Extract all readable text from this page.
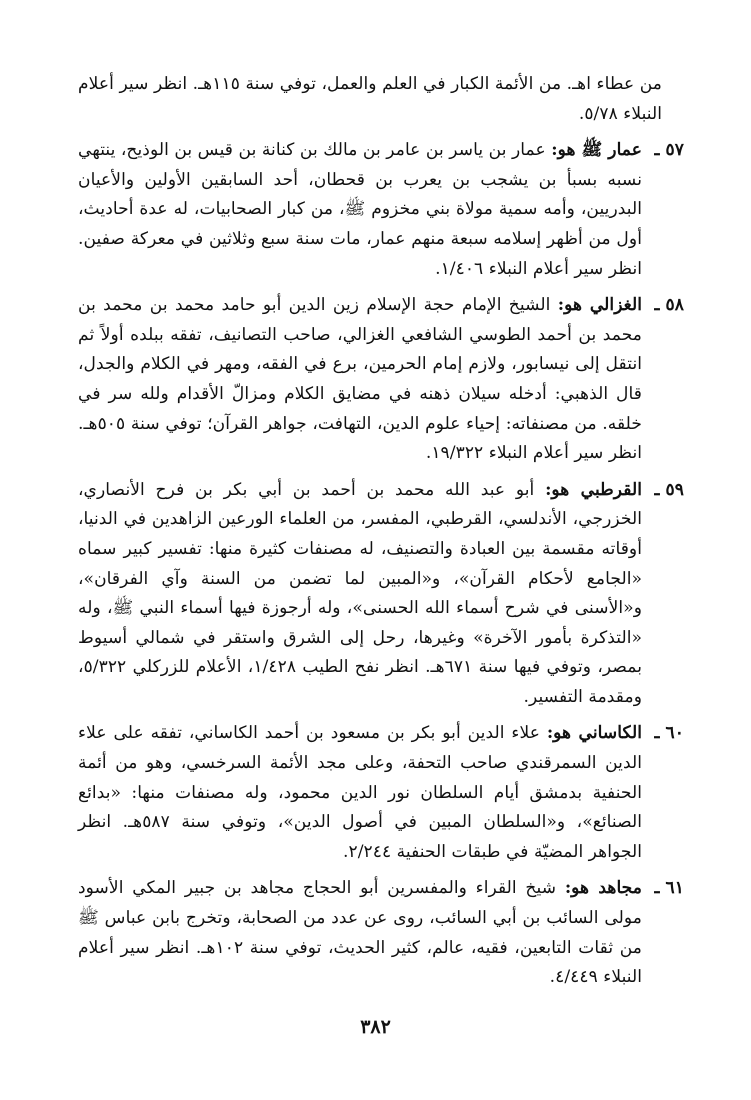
من عطاء اهـ. من الأئمة الكبار في العلم والعمل، توفي سنة ١١٥هـ. انظر سير أعلام النبلاء ٥/٧٨.

٥٧ ـ

عمار ﷺ هو: عمار بن ياسر بن عامر بن مالك بن كنانة بن قيس بن الوذيح، ينتهي نسبه بسبأ بن يشجب بن يعرب بن قحطان، أحد السابقين الأولين والأعيان البدريين، وأمه سمية مولاة بني مخزوم ﷺ، من كبار الصحابيات، له عدة أحاديث، أول من أظهر إسلامه سبعة منهم عمار، مات سنة سبع وثلاثين في معركة صفين. انظر سير أعلام النبلاء ١/٤٠٦.

٥٨ ـ

الغزالي هو: الشيخ الإمام حجة الإسلام زين الدين أبو حامد محمد بن محمد بن محمد بن أحمد الطوسي الشافعي الغزالي، صاحب التصانيف، تفقه ببلده أولاً ثم انتقل إلى نيسابور، ولازم إمام الحرمين، برع في الفقه، ومهر في الكلام والجدل، قال الذهبي: أدخله سيلان ذهنه في مضايق الكلام ومزالّ الأقدام ولله سر في خلقه. من مصنفاته: إحياء علوم الدين، التهافت، جواهر القرآن؛ توفي سنة ٥٠٥هـ. انظر سير أعلام النبلاء ١٩/٣٢٢.

٥٩ ـ

القرطبي هو: أبو عبد الله محمد بن أحمد بن أبي بكر بن فرح الأنصاري، الخزرجي، الأندلسي، القرطبي، المفسر، من العلماء الورعين الزاهدين في الدنيا، أوقاته مقسمة بين العبادة والتصنيف، له مصنفات كثيرة منها: تفسير كبير سماه «الجامع لأحكام القرآن»، و«المبين لما تضمن من السنة وآي الفرقان»، و«الأسنى في شرح أسماء الله الحسنى»، وله أرجوزة فيها أسماء النبي ﷺ، وله «التذكرة بأمور الآخرة» وغيرها، رحل إلى الشرق واستقر في شمالي أسيوط بمصر، وتوفي فيها سنة ٦٧١هـ. انظر نفح الطيب ١/٤٢٨، الأعلام للزركلي ٥/٣٢٢، ومقدمة التفسير.

٦٠ ـ

الكاساني هو: علاء الدين أبو بكر بن مسعود بن أحمد الكاساني، تفقه على علاء الدين السمرقندي صاحب التحفة، وعلى مجد الأئمة السرخسي، وهو من أئمة الحنفية بدمشق أيام السلطان نور الدين محمود، وله مصنفات منها: «بدائع الصنائع»، و«السلطان المبين في أصول الدين»، وتوفي سنة ٥٨٧هـ. انظر الجواهر المضيّة في طبقات الحنفية ٢/٢٤٤.

٦١ ـ

مجاهد هو: شيخ القراء والمفسرين أبو الحجاج مجاهد بن جبير المكي الأسود مولى السائب بن أبي السائب، روى عن عدد من الصحابة، وتخرج بابن عباس ﷺ من ثقات التابعين، فقيه، عالم، كثير الحديث، توفي سنة ١٠٢هـ. انظر سير أعلام النبلاء ٤/٤٤٩.

٣٨٢
